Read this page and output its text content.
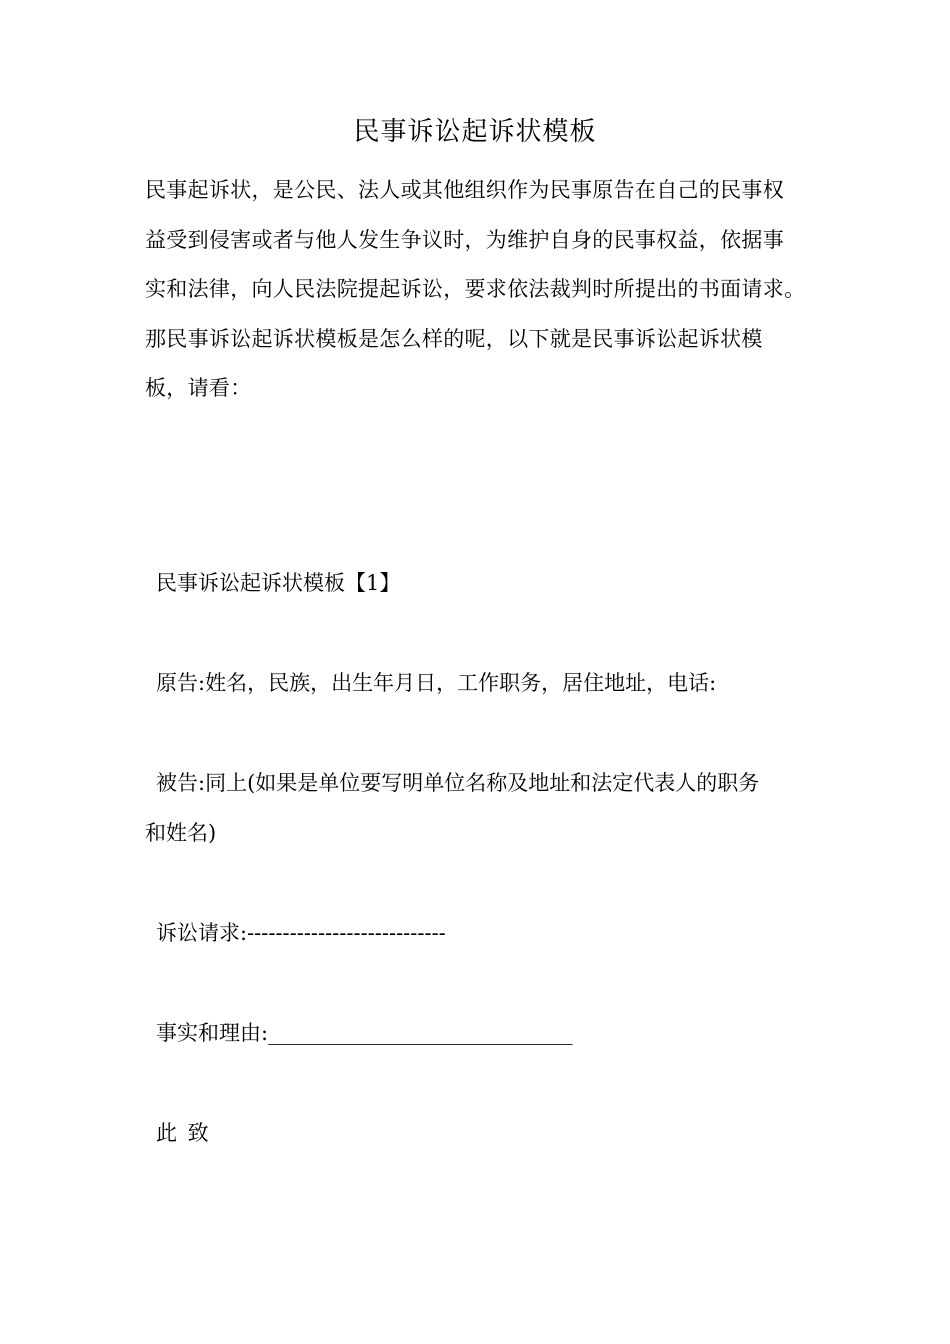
民事诉讼起诉状模板
民事起诉状，是公民、法人或其他组织作为民事原告在自己的民事权
益受到侵害或者与他人发生争议时，为维护自身的民事权益，依据事
实和法律，向人民法院提起诉讼，要求依法裁判时所提出的书面请求。
那民事诉讼起诉状模板是怎么样的呢，以下就是民事诉讼起诉状模
板，请看：
民事诉讼起诉状模板【1】
原告:姓名，民族，出生年月日，工作职务，居住地址，电话:
被告:同上(如果是单位要写明单位名称及地址和法定代表人的职务
和姓名)
诉讼请求:----------------------------
事实和理由:_____________________________
此 致
